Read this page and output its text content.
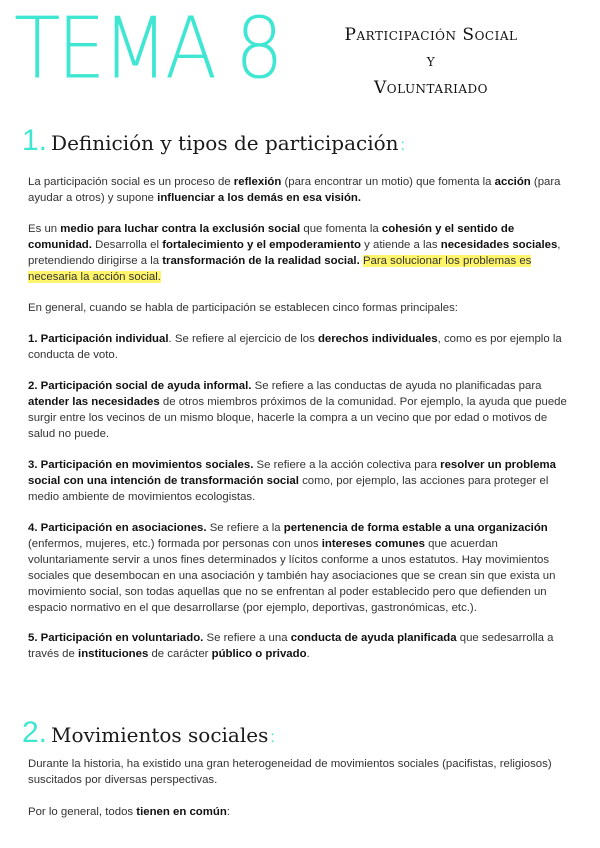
TEMA 8	Participación Social
y
Voluntariado
1. Definición y tipos de participación :
La participación social es un proceso de reflexión (para encontrar un motio) que fomenta la acción (para ayudar a otros) y supone influenciar a los demás en esa visión.
Es un medio para luchar contra la exclusión social que fomenta la cohesión y el sentido de comunidad. Desarrolla el fortalecimiento y el empoderamiento y atiende a las necesidades sociales, pretendiendo dirigirse a la transformación de la realidad social. Para solucionar los problemas es necesaria la acción social.
En general, cuando se habla de participación se establecen cinco formas principales:
1. Participación individual. Se refiere al ejercicio de los derechos individuales, como es por ejemplo la conducta de voto.
2. Participación social de ayuda informal. Se refiere a las conductas de ayuda no planificadas para atender las necesidades de otros miembros próximos de la comunidad. Por ejemplo, la ayuda que puede surgir entre los vecinos de un mismo bloque, hacerle la compra a un vecino que por edad o motivos de salud no puede.
3. Participación en movimientos sociales. Se refiere a la acción colectiva para resolver un problema social con una intención de transformación social como, por ejemplo, las acciones para proteger el medio ambiente de movimientos ecologistas.
4. Participación en asociaciones. Se refiere a la pertenencia de forma estable a una organización (enfermos, mujeres, etc.) formada por personas con unos intereses comunes que acuerdan voluntariamente servir a unos fines determinados y lícitos conforme a unos estatutos. Hay movimientos sociales que desembocan en una asociación y también hay asociaciones que se crean sin que exista un movimiento social, son todas aquellas que no se enfrentan al poder establecido pero que defienden un espacio normativo en el que desarrollarse (por ejemplo, deportivas, gastronómicas, etc.).
5. Participación en voluntariado. Se refiere a una conducta de ayuda planificada que sedesarrolla a través de instituciones de carácter público o privado.
2. Movimientos sociales :
Durante la historia, ha existido una gran heterogeneidad de movimientos sociales (pacifistas, religiosos) suscitados por diversas perspectivas.
Por lo general, todos tienen en común:
